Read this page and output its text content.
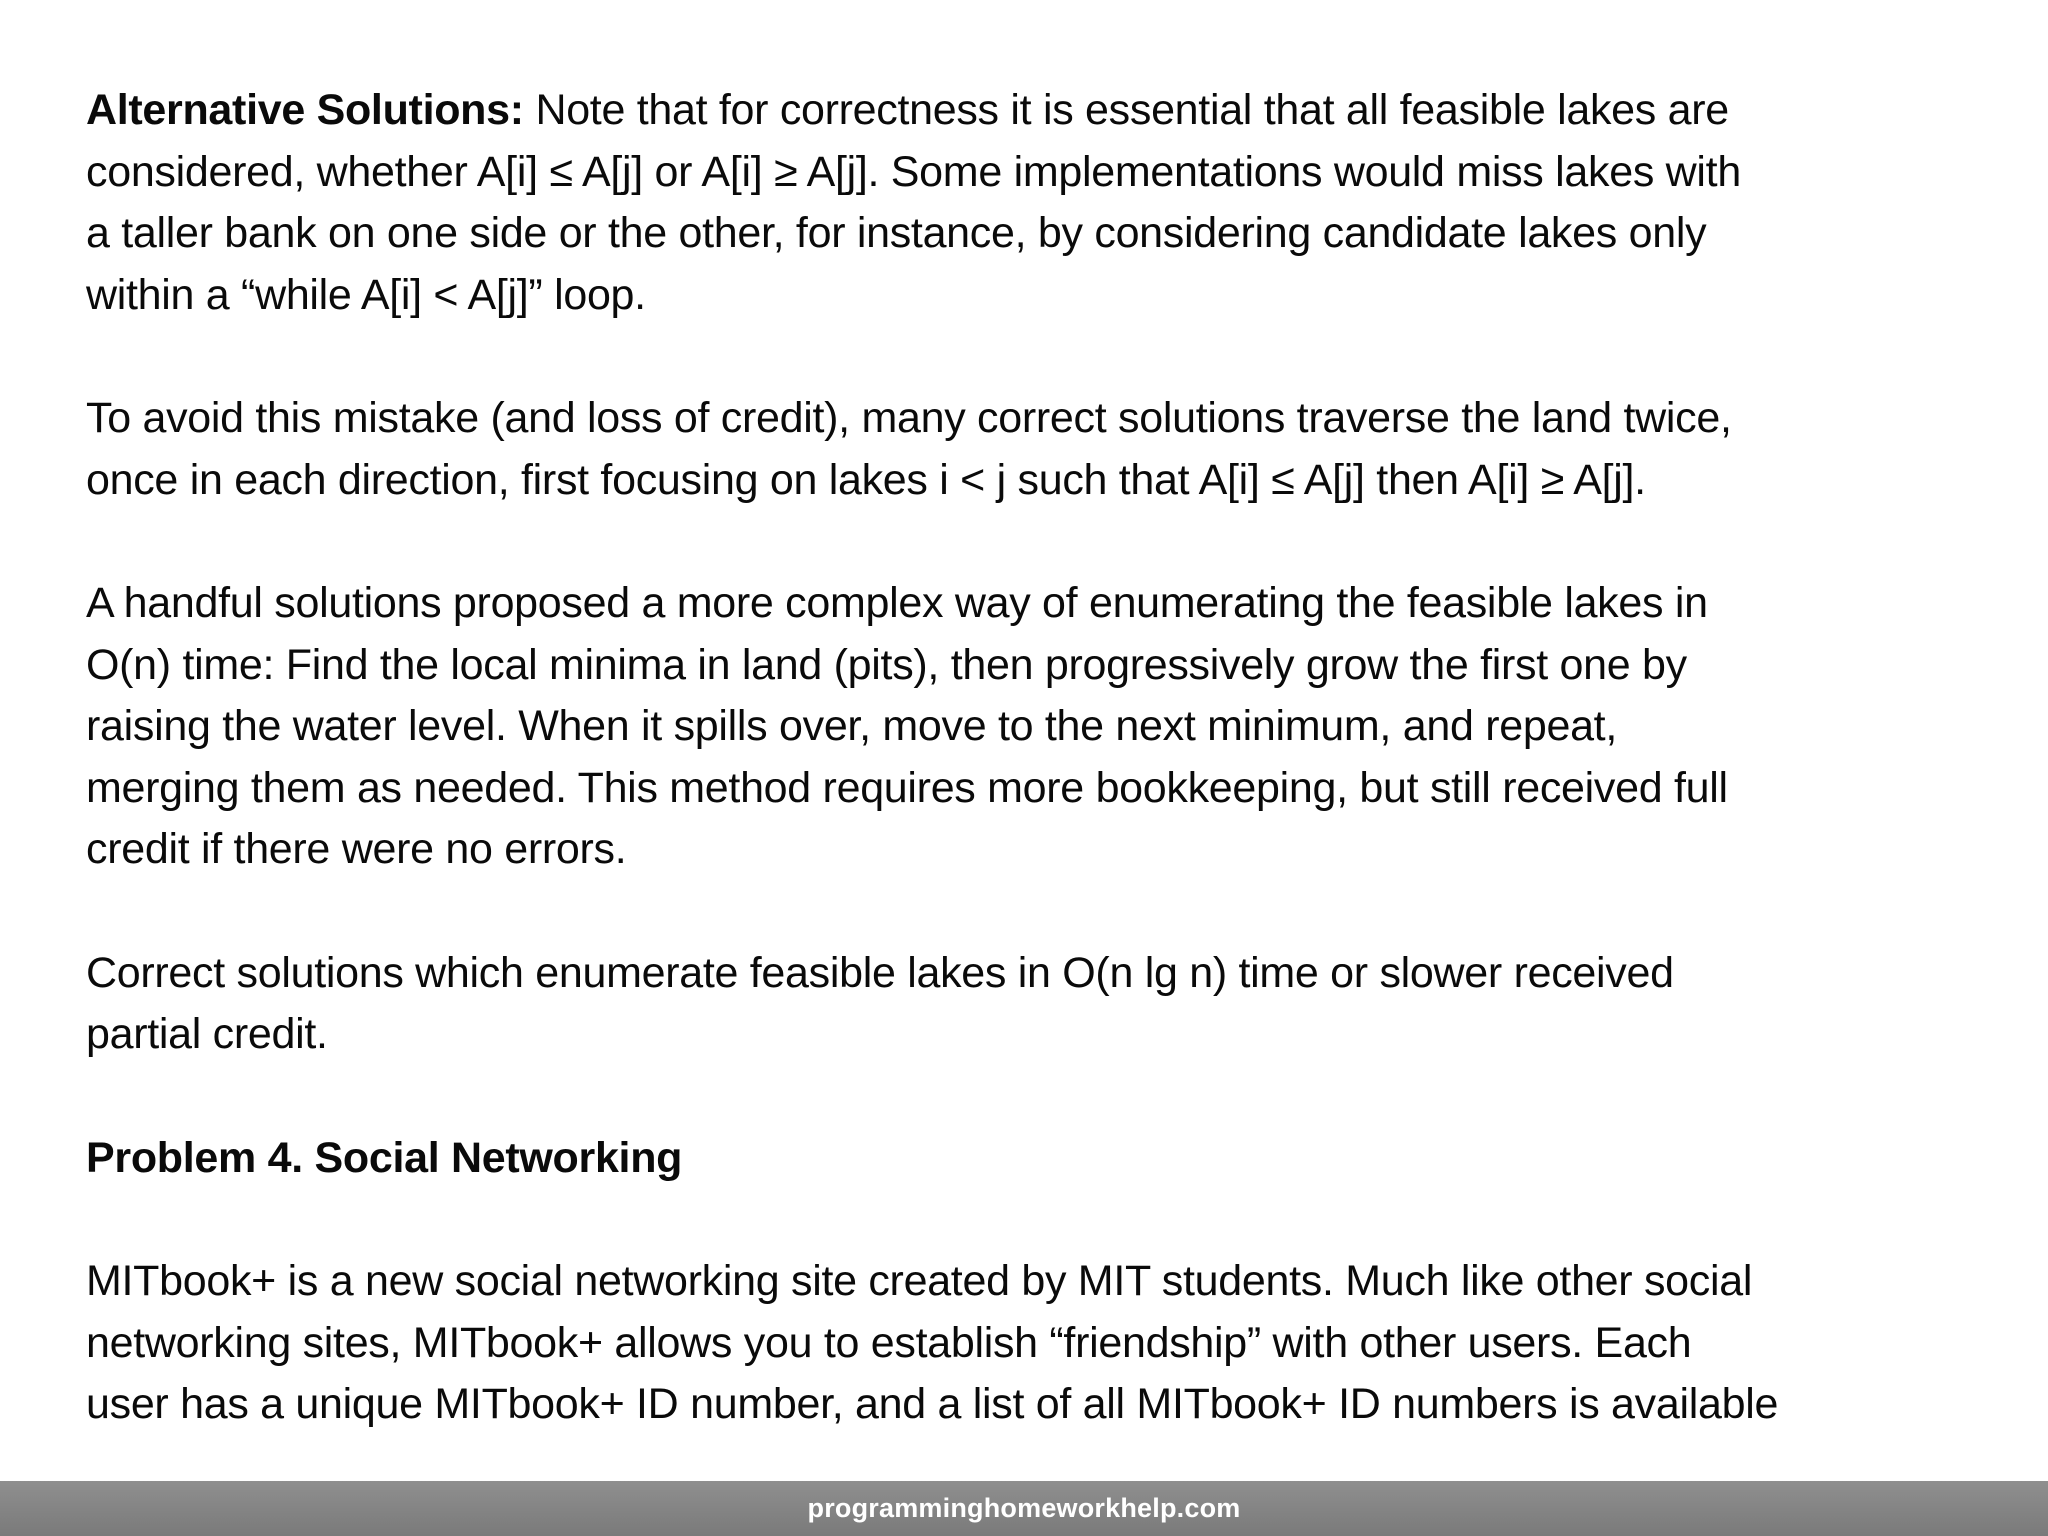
Alternative Solutions: Note that for correctness it is essential that all feasible lakes are
considered, whether A[i] ≤ A[j] or A[i] ≥ A[j]. Some implementations would miss lakes with
a taller bank on one side or the other, for instance, by considering candidate lakes only
within a “while A[i] < A[j]” loop.

To avoid this mistake (and loss of credit), many correct solutions traverse the land twice,
once in each direction, first focusing on lakes i < j such that A[i] ≤ A[j] then A[i] ≥ A[j].

A handful solutions proposed a more complex way of enumerating the feasible lakes in
O(n) time: Find the local minima in land (pits), then progressively grow the first one by
raising the water level. When it spills over, move to the next minimum, and repeat,
merging them as needed. This method requires more bookkeeping, but still received full
credit if there were no errors.

Correct solutions which enumerate feasible lakes in O(n lg n) time or slower received
partial credit.

Problem 4. Social Networking

MITbook+ is a new social networking site created by MIT students. Much like other social
networking sites, MITbook+ allows you to establish “friendship” with other users. Each
user has a unique MITbook+ ID number, and a list of all MITbook+ ID numbers is available

programminghomeworkhelp.com
